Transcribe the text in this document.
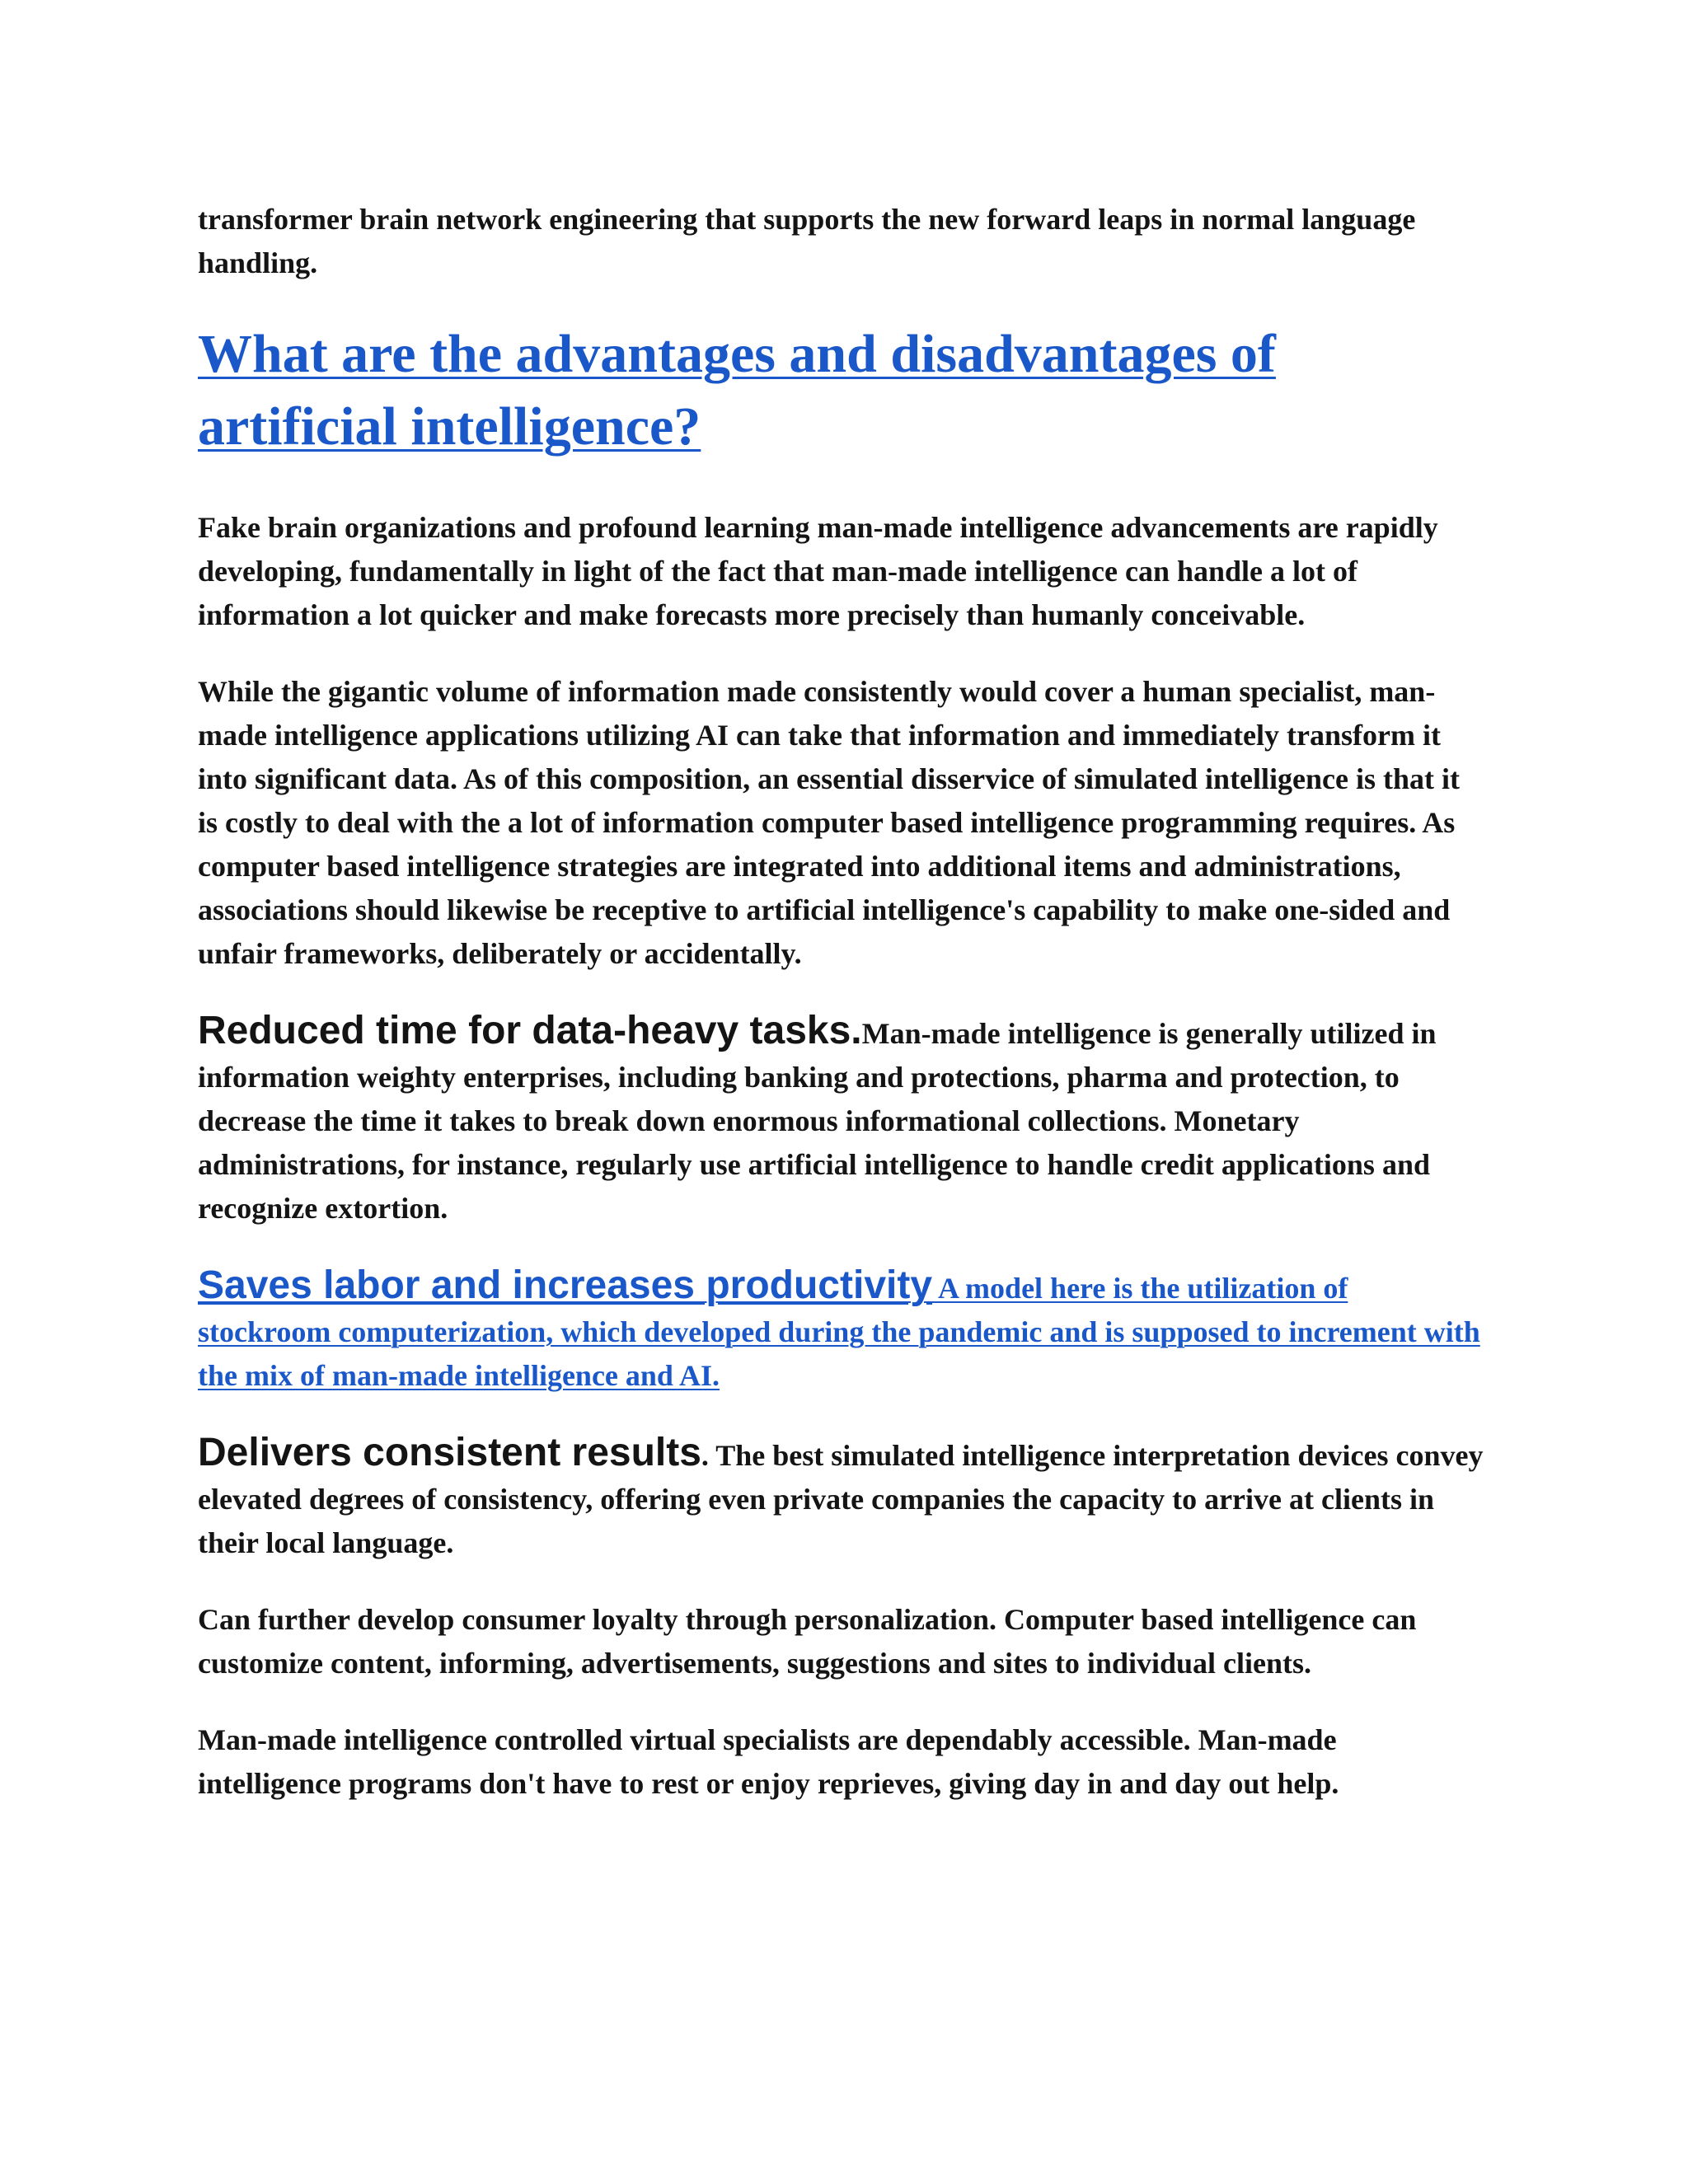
transformer brain network engineering that supports the new forward leaps in normal language handling.

What are the advantages and disadvantages of artificial intelligence?

Fake brain organizations and profound learning man-made intelligence advancements are rapidly developing, fundamentally in light of the fact that man-made intelligence can handle a lot of information a lot quicker and make forecasts more precisely than humanly conceivable.

While the gigantic volume of information made consistently would cover a human specialist, man-made intelligence applications utilizing AI can take that information and immediately transform it into significant data. As of this composition, an essential disservice of simulated intelligence is that it is costly to deal with the a lot of information computer based intelligence programming requires. As computer based intelligence strategies are integrated into additional items and administrations, associations should likewise be receptive to artificial intelligence's capability to make one-sided and unfair frameworks, deliberately or accidentally.

Reduced time for data-heavy tasks.Man-made intelligence is generally utilized in information weighty enterprises, including banking and protections, pharma and protection, to decrease the time it takes to break down enormous informational collections. Monetary administrations, for instance, regularly use artificial intelligence to handle credit applications and recognize extortion.

Saves labor and increases productivity A model here is the utilization of stockroom computerization, which developed during the pandemic and is supposed to increment with the mix of man-made intelligence and AI.

Delivers consistent results. The best simulated intelligence interpretation devices convey elevated degrees of consistency, offering even private companies the capacity to arrive at clients in their local language.

Can further develop consumer loyalty through personalization. Computer based intelligence can customize content, informing, advertisements, suggestions and sites to individual clients.

Man-made intelligence controlled virtual specialists are dependably accessible. Man-made intelligence programs don't have to rest or enjoy reprieves, giving day in and day out help.
